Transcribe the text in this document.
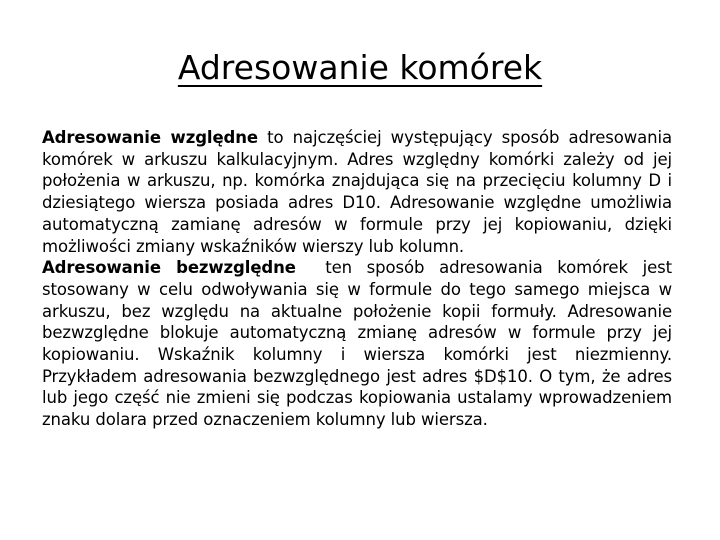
Adresowanie komórek

Adresowanie względne to najczęściej występujący sposób adresowania komórek w arkuszu kalkulacyjnym. Adres względny komórki zależy od jej położenia w arkuszu, np. komórka znajdująca się na przecięciu kolumny D i dziesiątego wiersza posiada adres D10. Adresowanie względne umożliwia automatyczną zamianę adresów w formule przy jej kopiowaniu, dzięki możliwości zmiany wskaźników wierszy lub kolumn.

Adresowanie bezwzględne  ten sposób adresowania komórek jest stosowany w celu odwoływania się w formule do tego samego miejsca w arkuszu, bez względu na aktualne położenie kopii formuły. Adresowanie bezwzględne blokuje automatyczną zmianę adresów w formule przy jej kopiowaniu. Wskaźnik kolumny i wiersza komórki jest niezmienny. Przykładem adresowania bezwzględnego jest adres $D$10. O tym, że adres lub jego część nie zmieni się podczas kopiowania ustalamy wprowadzeniem znaku dolara przed oznaczeniem kolumny lub wiersza.
